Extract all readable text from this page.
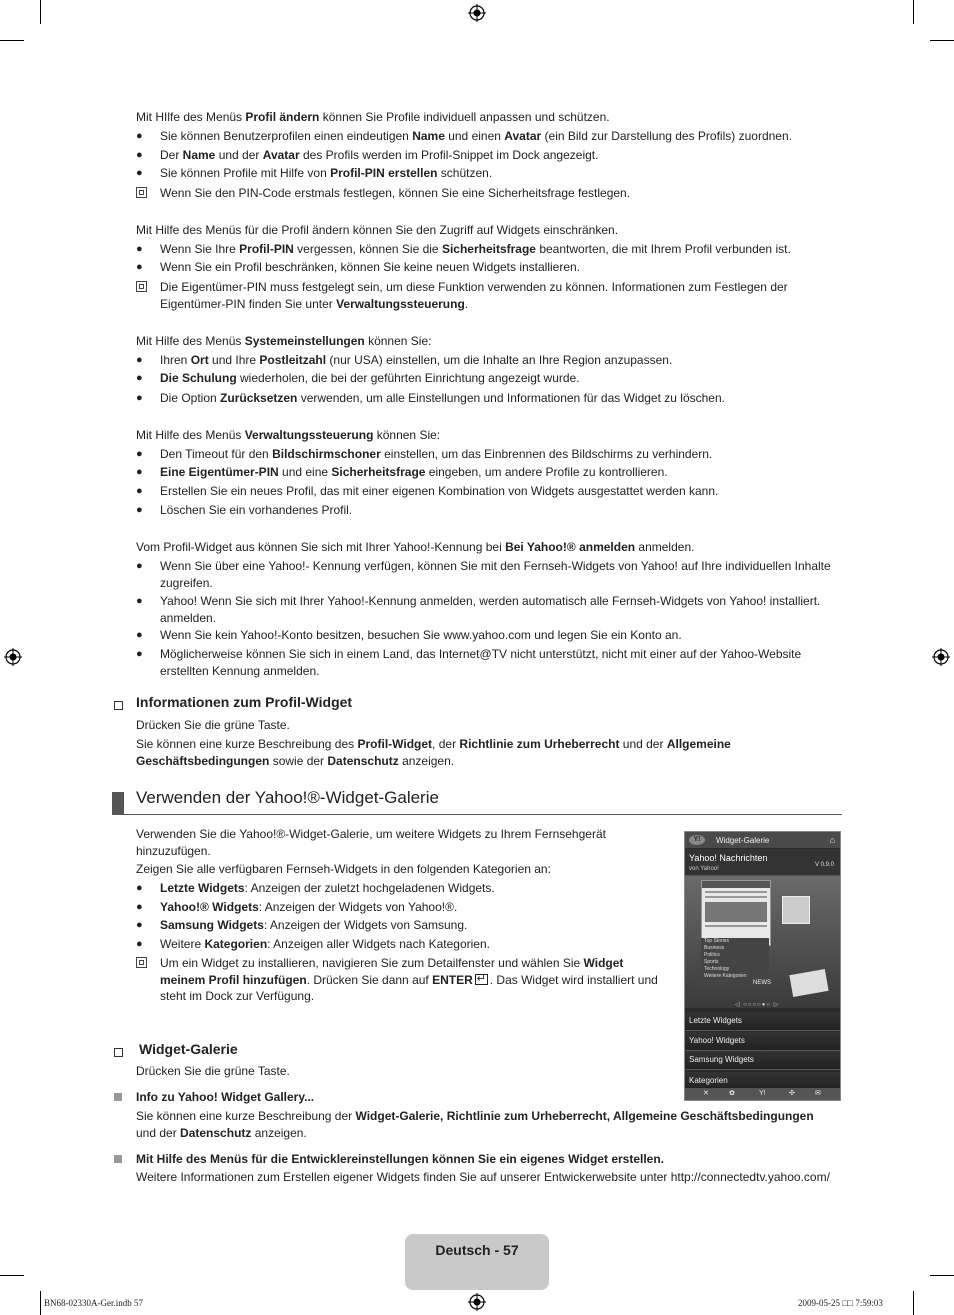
Mit HIlfe des Menüs Profil ändern können Sie Profile individuell anpassen und schützen.
●	Sie können Benutzerprofilen einen eindeutigen Name und einen Avatar (ein Bild zur Darstellung des Profils) zuordnen.
●	Der Name und der Avatar des Profils werden im Profil-Snippet im Dock angezeigt.
●	Sie können Profile mit Hilfe von Profil-PIN erstellen schützen.
Wenn Sie den PIN-Code erstmals festlegen, können Sie eine Sicherheitsfrage festlegen.
Mit Hilfe des Menüs für die Profil ändern können Sie den Zugriff auf Widgets einschränken.
●	Wenn Sie Ihre Profil-PIN vergessen, können Sie die Sicherheitsfrage beantworten, die mit Ihrem Profil verbunden ist.
●	Wenn Sie ein Profil beschränken, können Sie keine neuen Widgets installieren.
Die Eigentümer-PIN muss festgelegt sein, um diese Funktion verwenden zu können. Informationen zum Festlegen der Eigentümer-PIN finden Sie unter Verwaltungssteuerung.
Mit Hilfe des Menüs Systemeinstellungen können Sie:
●	Ihren Ort und Ihre Postleitzahl (nur USA) einstellen, um die Inhalte an Ihre Region anzupassen.
●	Die Schulung wiederholen, die bei der geführten Einrichtung angezeigt wurde.
●	Die Option Zurücksetzen verwenden, um alle Einstellungen und Informationen für das Widget zu löschen.
Mit Hilfe des Menüs Verwaltungssteuerung können Sie:
●	Den Timeout für den Bildschirmschoner einstellen, um das Einbrennen des Bildschirms zu verhindern.
●	Eine Eigentümer-PIN und eine Sicherheitsfrage eingeben, um andere Profile zu kontrollieren.
●	Erstellen Sie ein neues Profil, das mit einer eigenen Kombination von Widgets ausgestattet werden kann.
●	Löschen Sie ein vorhandenes Profil.
Vom Profil-Widget aus können Sie sich mit Ihrer Yahoo!-Kennung bei Bei Yahoo!® anmelden anmelden.
●	Wenn Sie über eine Yahoo!- Kennung verfügen, können Sie mit den Fernseh-Widgets von Yahoo! auf Ihre individuellen Inhalte zugreifen.
●	Yahoo! Wenn Sie sich mit Ihrer Yahoo!-Kennung anmelden, werden automatisch alle Fernseh-Widgets von Yahoo! installiert. anmelden.
●	Wenn Sie kein Yahoo!-Konto besitzen, besuchen Sie www.yahoo.com und legen Sie ein Konto an.
●	Möglicherweise können Sie sich in einem Land, das Internet@TV nicht unterstützt, nicht mit einer auf der Yahoo-Website erstellten Kennung anmelden.
Informationen zum Profil-Widget
Drücken Sie die grüne Taste.
Sie können eine kurze Beschreibung des Profil-Widget, der Richtlinie zum Urheberrecht und der Allgemeine Geschäftsbedingungen sowie der Datenschutz anzeigen.
Verwenden der Yahoo!®-Widget-Galerie
Verwenden Sie die Yahoo!®-Widget-Galerie, um weitere Widgets zu Ihrem Fernsehgerät hinzuzufügen.
Zeigen Sie alle verfügbaren Fernseh-Widgets in den folgenden Kategorien an:
●	Letzte Widgets: Anzeigen der zuletzt hochgeladenen Widgets.
●	Yahoo!® Widgets: Anzeigen der Widgets von Yahoo!®.
●	Samsung Widgets: Anzeigen der Widgets von Samsung.
●	Weitere Kategorien: Anzeigen aller Widgets nach Kategorien.
Um ein Widget zu installieren, navigieren Sie zum Detailfenster und wählen Sie Widget meinem Profil hinzufügen. Drücken Sie dann auf ENTER↵ . Das Widget wird installiert und steht im Dock zur Verfügung.
Widget-Galerie
Drücken Sie die grüne Taste.
Info zu Yahoo! Widget Gallery...
Sie können eine kurze Beschreibung der Widget-Galerie, Richtlinie zum Urheberrecht, Allgemeine Geschäftsbedingungen und der Datenschutz anzeigen.
Mit Hilfe des Menüs für die Entwicklereinstellungen können Sie ein eigenes Widget erstellen.
Weitere Informationen zum Erstellen eigener Widgets finden Sie auf unserer Entwickerwebsite unter http://connectedtv.yahoo.com/
Y!	Widget-Galerie	⌂
Yahoo! Nachrichten
von Yahoo!
V 0.9.0
Top Stories
Business
Politics
Sports
Technology
Weitere Kategorien
NEWS
◁ ○○○○●○ ▷
Letzte Widgets
Yahoo! Widgets
Samsung Widgets
Kategorien
✕	✿	Y!	✣	✉
Deutsch - 57
BN68-02330A-Ger.indb 57	2009-05-25 □□ 7:59:03
